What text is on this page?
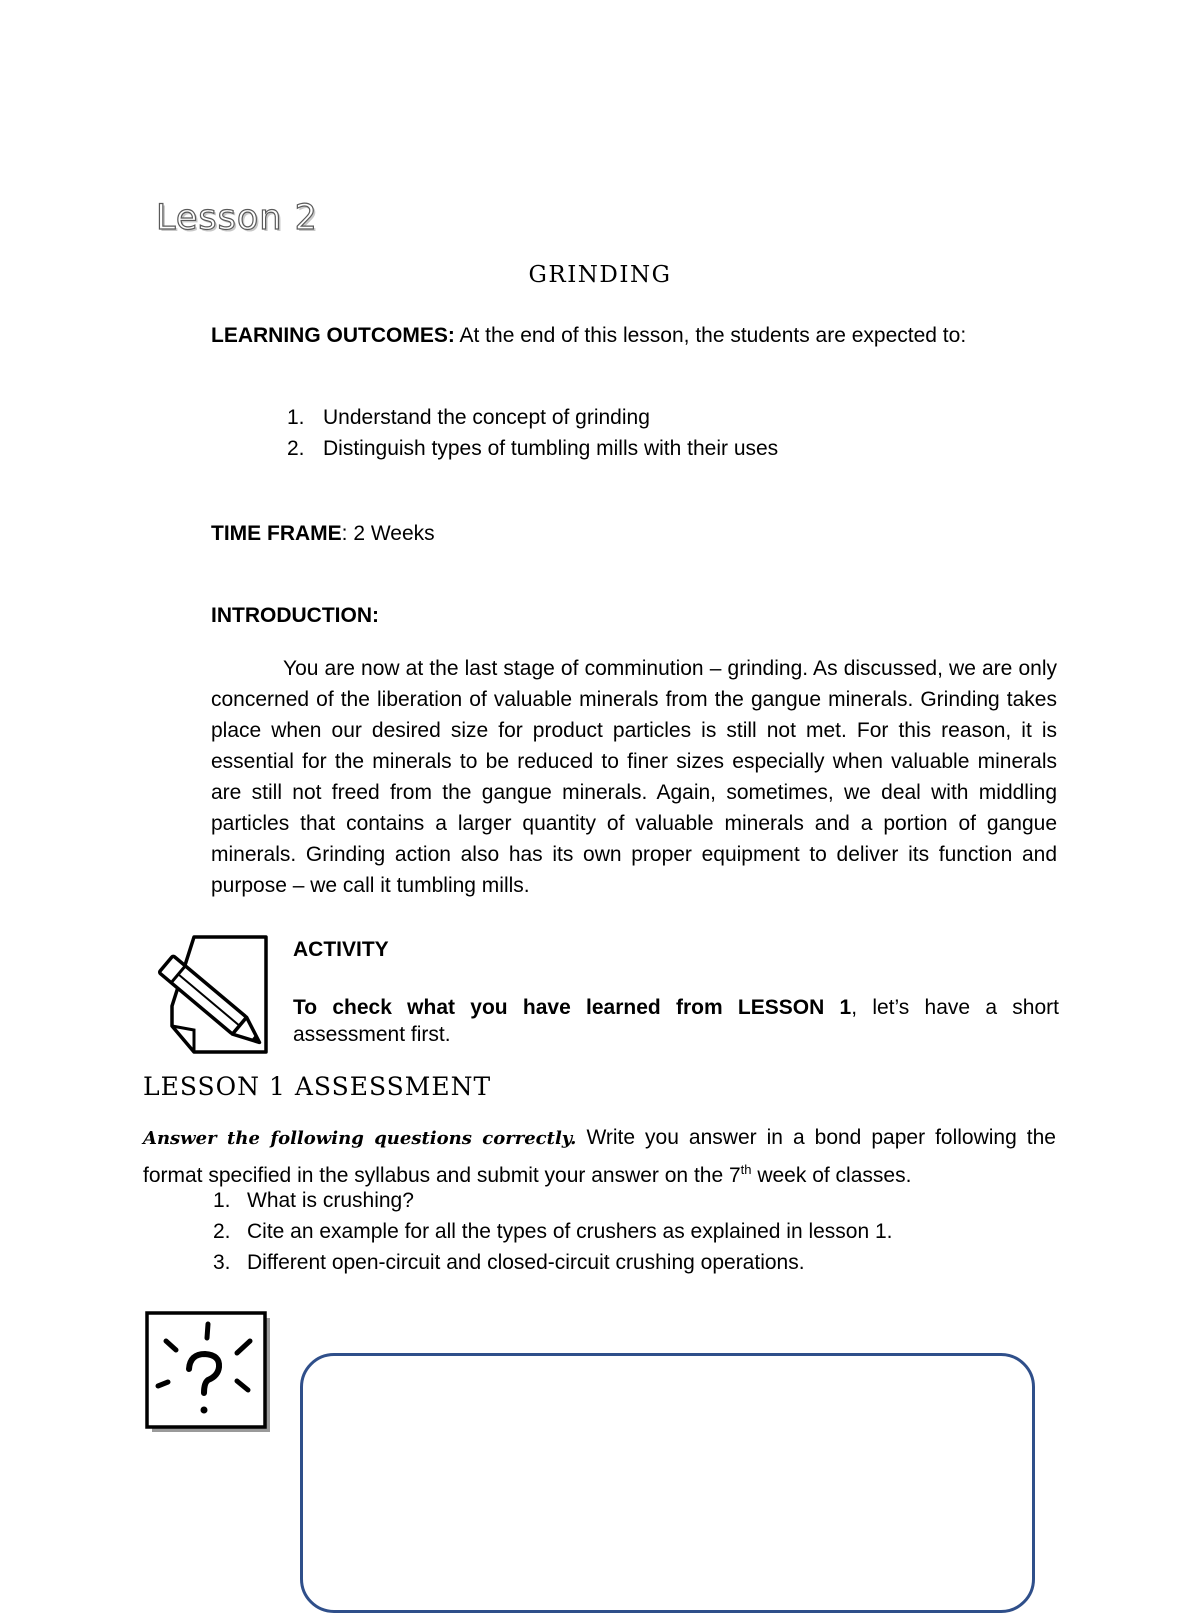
Lesson 2
GRINDING
LEARNING OUTCOMES: At the end of this lesson, the students are expected to:
1. Understand the concept of grinding
2. Distinguish types of tumbling mills with their uses
TIME FRAME: 2 Weeks
INTRODUCTION:
You are now at the last stage of comminution – grinding. As discussed, we are only concerned of the liberation of valuable minerals from the gangue minerals. Grinding takes place when our desired size for product particles is still not met. For this reason, it is essential for the minerals to be reduced to finer sizes especially when valuable minerals are still not freed from the gangue minerals. Again, sometimes, we deal with middling particles that contains a larger quantity of valuable minerals and a portion of gangue minerals. Grinding action also has its own proper equipment to deliver its function and purpose – we call it tumbling mills.
ACTIVITY
To check what you have learned from LESSON 1, let’s have a short assessment first.
LESSON 1 ASSESSMENT
Answer the following questions correctly. Write you answer in a bond paper following the format specified in the syllabus and submit your answer on the 7th week of classes.
1. What is crushing?
2. Cite an example for all the types of crushers as explained in lesson 1.
3. Different open-circuit and closed-circuit crushing operations.
